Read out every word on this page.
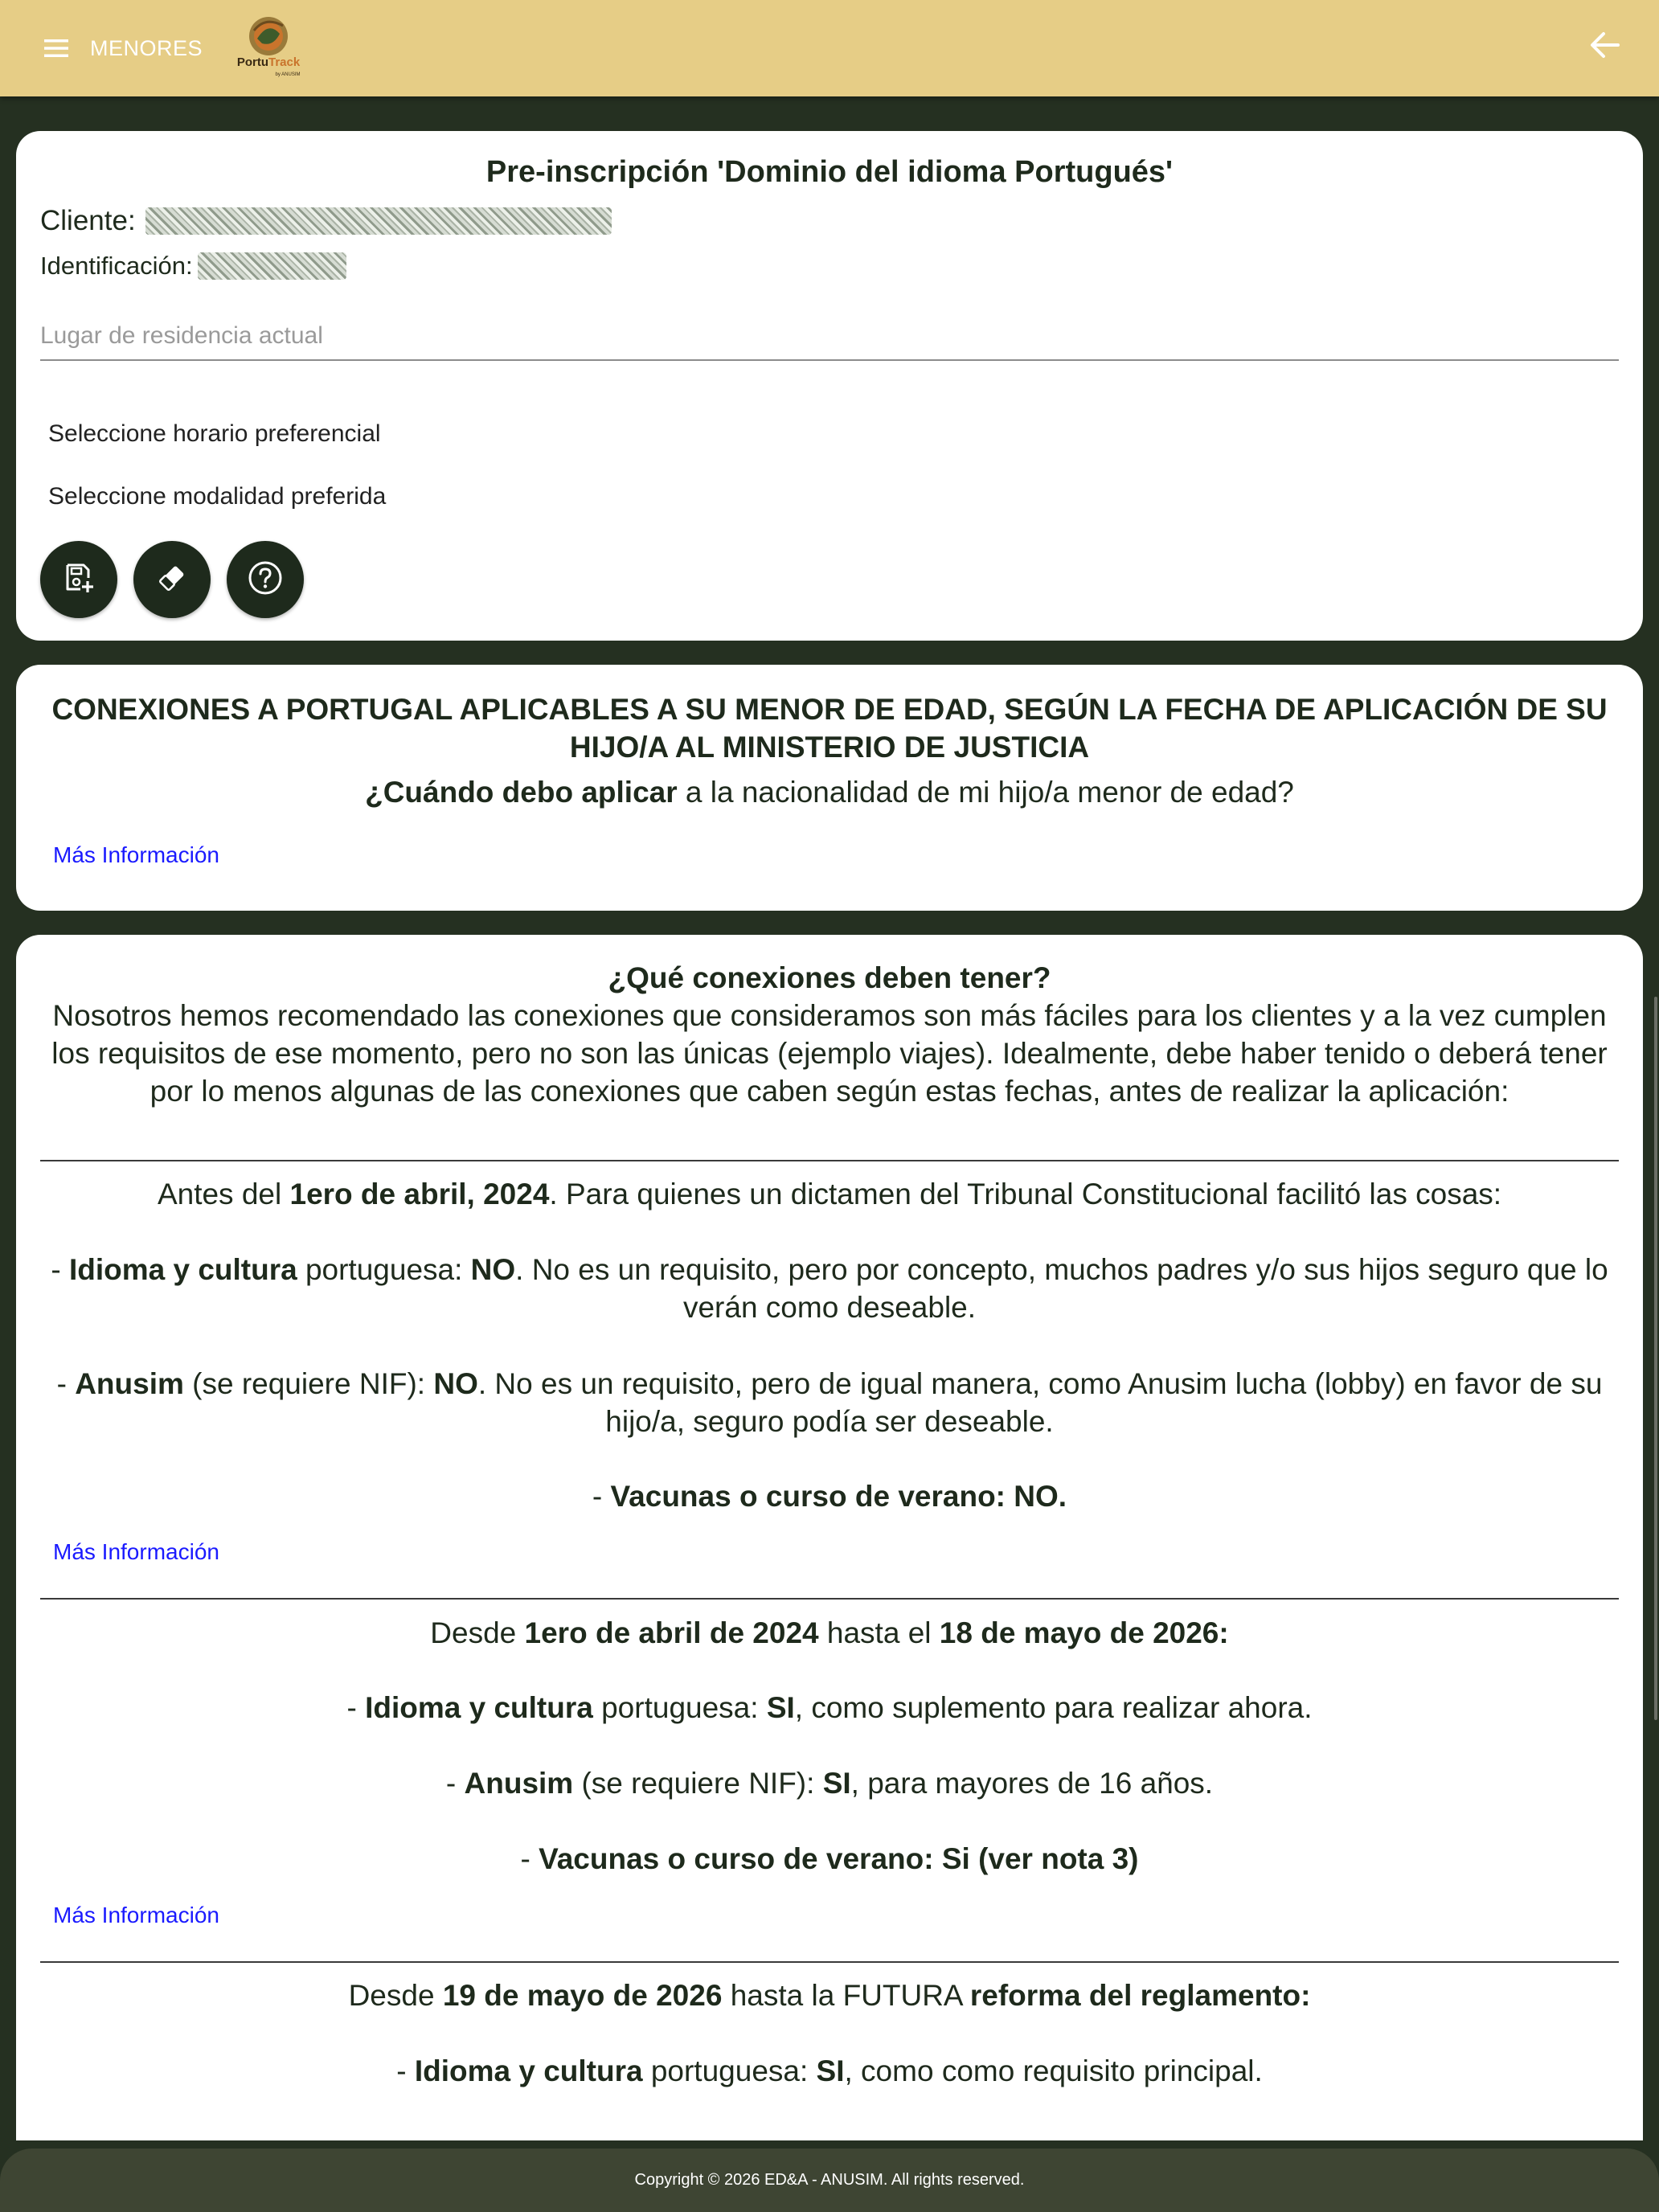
MENORES
PortuTrack
by ANUSIM
Pre-inscripción 'Dominio del idioma Portugués'
Cliente:
Identificación:
Lugar de residencia actual
Seleccione horario preferencial
Seleccione modalidad preferida
CONEXIONES A PORTUGAL APLICABLES A SU MENOR DE EDAD, SEGÚN LA FECHA DE APLICACIÓN DE SU HIJO/A AL MINISTERIO DE JUSTICIA
¿Cuándo debo aplicar a la nacionalidad de mi hijo/a menor de edad?
Más Información
¿Qué conexiones deben tener?
Nosotros hemos recomendado las conexiones que consideramos son más fáciles para los clientes y a la vez cumplen los requisitos de ese momento, pero no son las únicas (ejemplo viajes). Idealmente, debe haber tenido o deberá tener por lo menos algunas de las conexiones que caben según estas fechas, antes de realizar la aplicación:
Antes del 1ero de abril, 2024. Para quienes un dictamen del Tribunal Constitucional facilitó las cosas:
- Idioma y cultura portuguesa: NO. No es un requisito, pero por concepto, muchos padres y/o sus hijos seguro que lo verán como deseable.
- Anusim (se requiere NIF): NO. No es un requisito, pero de igual manera, como Anusim lucha (lobby) en favor de su hijo/a, seguro podía ser deseable.
- Vacunas o curso de verano: NO.
Más Información
Desde 1ero de abril de 2024 hasta el 18 de mayo de 2026:
- Idioma y cultura portuguesa: SI, como suplemento para realizar ahora.
- Anusim (se requiere NIF): SI, para mayores de 16 años.
- Vacunas o curso de verano: Si (ver nota 3)
Más Información
Desde 19 de mayo de 2026 hasta la FUTURA reforma del reglamento:
- Idioma y cultura portuguesa: SI, como como requisito principal.
Copyright © 2026 ED&A - ANUSIM. All rights reserved.
